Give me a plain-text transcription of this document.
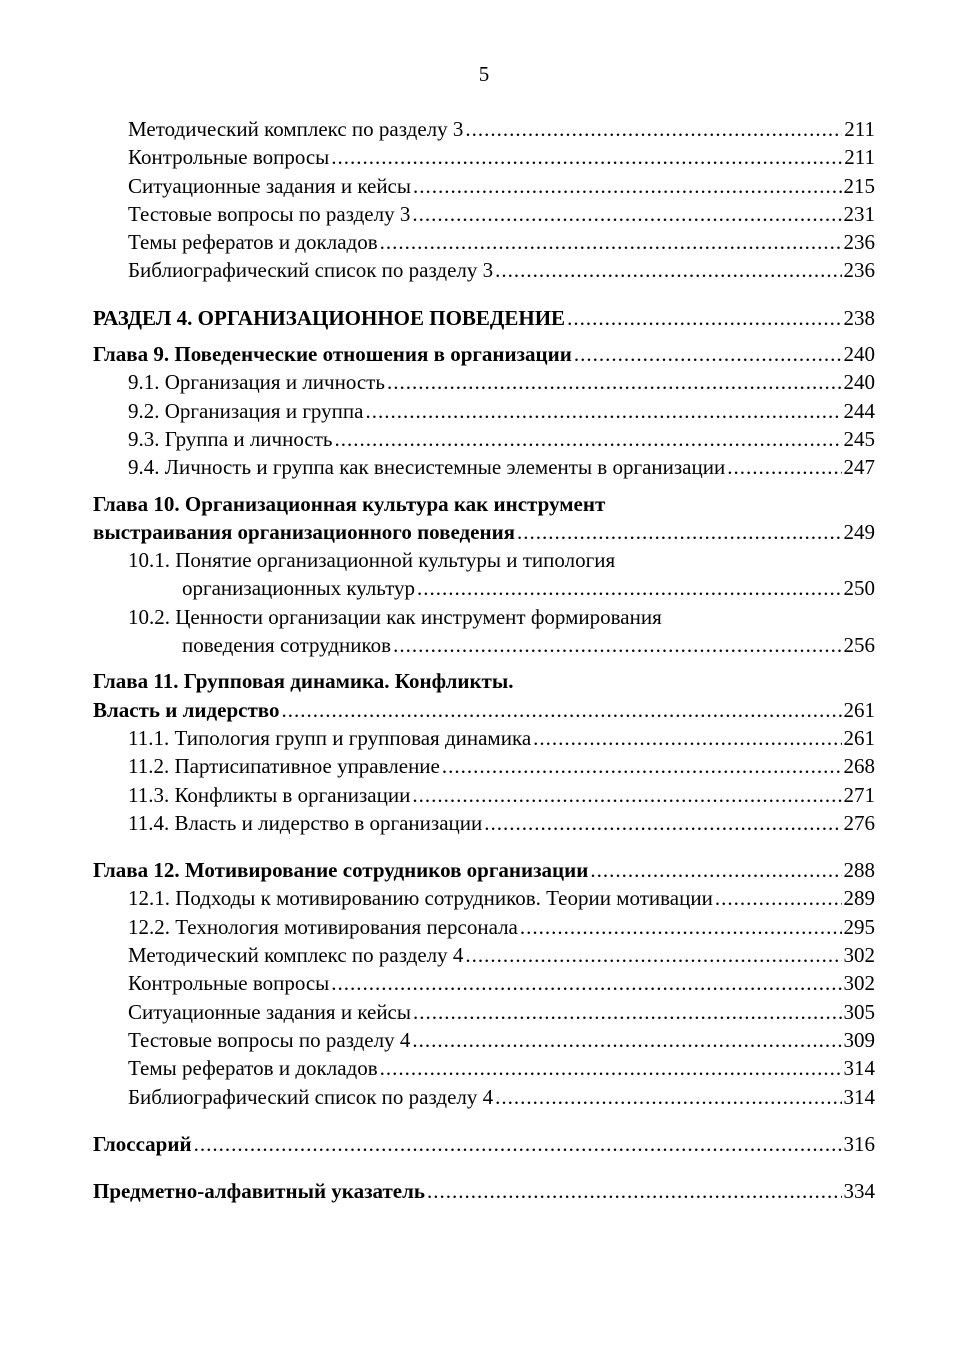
5
Методический комплекс по разделу 3 .....	211
Контрольные вопросы .....	211
Ситуационные задания и кейсы .....	215
Тестовые вопросы по разделу 3 .....	231
Темы рефератов и докладов .....	236
Библиографический список по разделу 3 .....	236
РАЗДЕЛ 4. ОРГАНИЗАЦИОННОЕ ПОВЕДЕНИЕ .....	238
Глава 9. Поведенческие отношения в организации .....	240
9.1. Организация и личность .....	240
9.2. Организация и группа .....	244
9.3. Группа и личность .....	245
9.4. Личность и группа как внесистемные элементы в организации .....	247
Глава 10. Организационная культура как инструмент
выстраивания организационного поведения .....	249
10.1. Понятие организационной культуры и типология
организационных культур .....	250
10.2. Ценности организации как инструмент формирования
поведения сотрудников .....	256
Глава 11. Групповая динамика. Конфликты.
Власть и лидерство .....	261
11.1. Типология групп и групповая динамика .....	261
11.2. Партисипативное управление .....	268
11.3. Конфликты в организации .....	271
11.4. Власть и лидерство в организации .....	276
Глава 12. Мотивирование сотрудников организации .....	288
12.1. Подходы к мотивированию сотрудников. Теории мотивации .....	289
12.2. Технология мотивирования персонала .....	295
Методический комплекс по разделу 4 .....	302
Контрольные вопросы .....	302
Ситуационные задания и кейсы .....	305
Тестовые вопросы по разделу 4 .....	309
Темы рефератов и докладов .....	314
Библиографический список по разделу 4 .....	314
Глоссарий .....	316
Предметно-алфавитный указатель .....	334
